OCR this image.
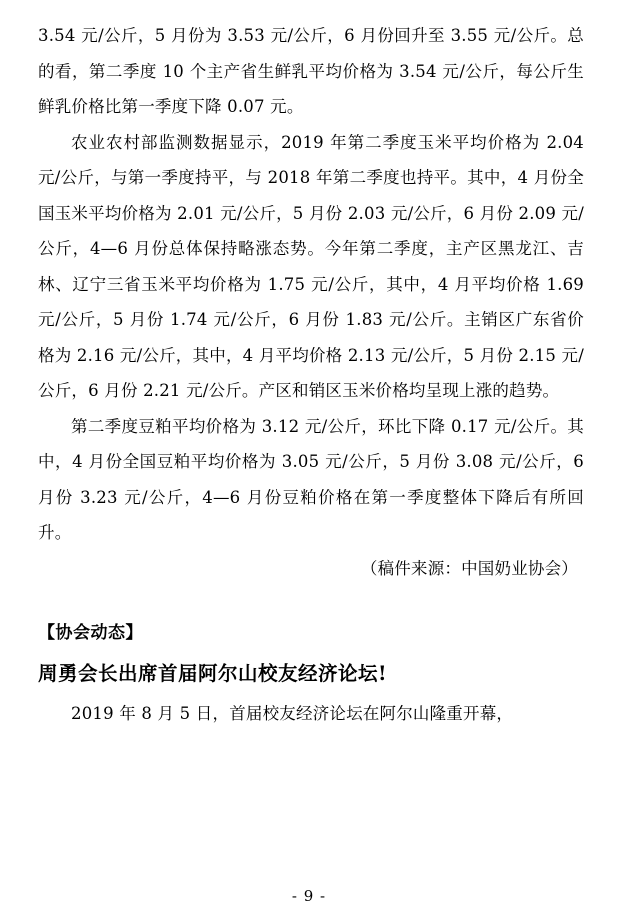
3.54 元/公斤，5 月份为 3.53 元/公斤，6 月份回升至 3.55 元/公斤。总的看，第二季度 10 个主产省生鲜乳平均价格为 3.54 元/公斤，每公斤生鲜乳价格比第一季度下降 0.07 元。

农业农村部监测数据显示，2019 年第二季度玉米平均价格为 2.04 元/公斤，与第一季度持平，与 2018 年第二季度也持平。其中，4 月份全国玉米平均价格为 2.01 元/公斤，5 月份 2.03 元/公斤，6 月份 2.09 元/公斤，4—6 月份总体保持略涨态势。今年第二季度，主产区黑龙江、吉林、辽宁三省玉米平均价格为 1.75 元/公斤，其中，4 月平均价格 1.69 元/公斤，5 月份 1.74 元/公斤，6 月份 1.83 元/公斤。主销区广东省价格为 2.16 元/公斤，其中，4 月平均价格 2.13 元/公斤，5 月份 2.15 元/公斤，6 月份 2.21 元/公斤。产区和销区玉米价格均呈现上涨的趋势。

第二季度豆粕平均价格为 3.12 元/公斤，环比下降 0.17 元/公斤。其中，4 月份全国豆粕平均价格为 3.05 元/公斤，5 月份 3.08 元/公斤，6 月份 3.23 元/公斤，4—6 月份豆粕价格在第一季度整体下降后有所回升。

（稿件来源：中国奶业协会）

【协会动态】
周勇会长出席首届阿尔山校友经济论坛!

2019 年 8 月 5 日，首届校友经济论坛在阿尔山隆重开幕，

- 9 -
